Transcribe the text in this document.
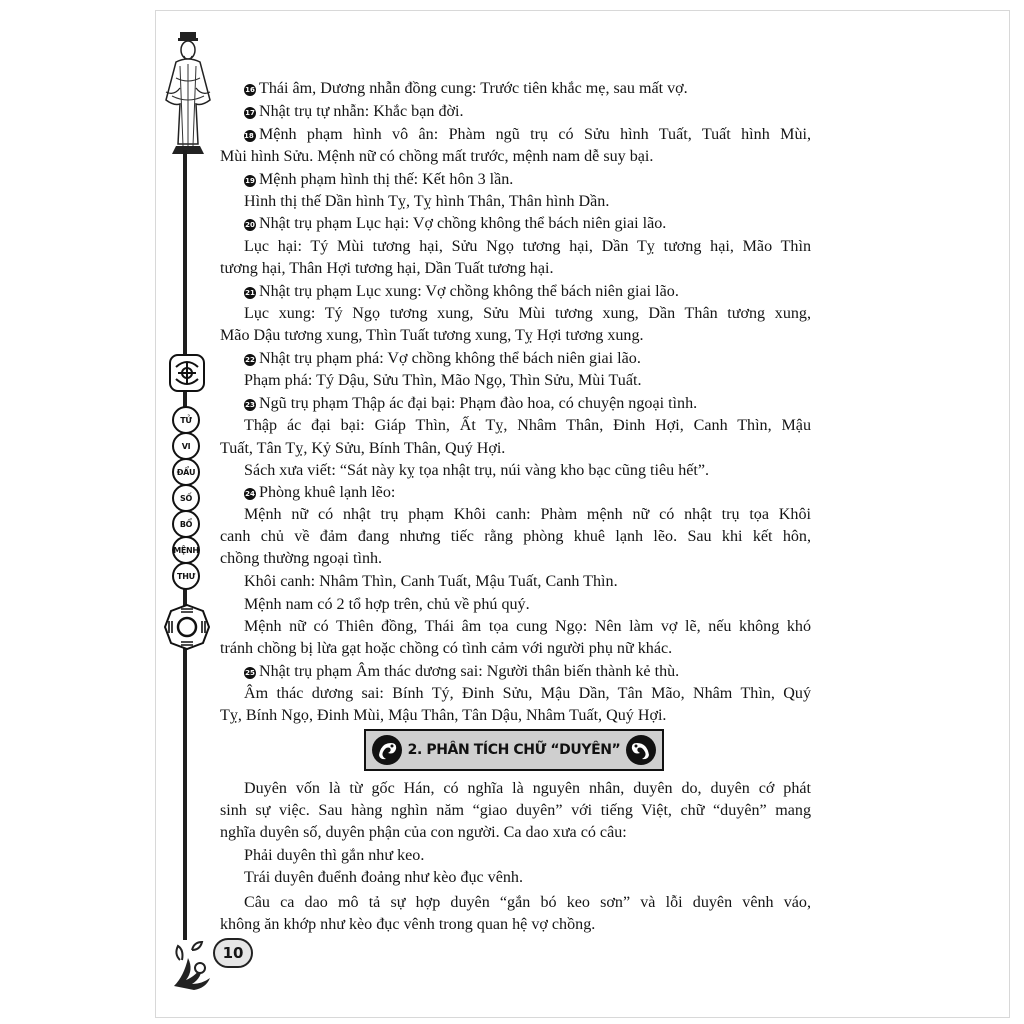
TỬ
VI
ĐẨU
SỐ
BỔ
MỆNH
THƯ
10
16 Thái âm, Dương nhẫn đồng cung: Trước tiên khắc mẹ, sau mất vợ.
17 Nhật trụ tự nhẫn: Khắc bạn đời.
18 Mệnh phạm hình vô ân: Phàm ngũ trụ có Sửu hình Tuất, Tuất hình Mùi,
Mùi hình Sửu. Mệnh nữ có chồng mất trước, mệnh nam dễ suy bại.
19 Mệnh phạm hình thị thế: Kết hôn 3 lần.
Hình thị thế Dần hình Tỵ, Tỵ hình Thân, Thân hình Dần.
20 Nhật trụ phạm Lục hại: Vợ chồng không thể bách niên giai lão.
Lục hại: Tý Mùi tương hại, Sửu Ngọ tương hại, Dần Tỵ tương hại, Mão Thìn
tương hại, Thân Hợi tương hại, Dần Tuất tương hại.
21 Nhật trụ phạm Lục xung: Vợ chồng không thể bách niên giai lão.
Lục xung: Tý Ngọ tương xung, Sửu Mùi tương xung, Dần Thân tương xung,
Mão Dậu tương xung, Thìn Tuất tương xung, Tỵ Hợi tương xung.
22 Nhật trụ phạm phá: Vợ chồng không thể bách niên giai lão.
Phạm phá: Tý Dậu, Sửu Thìn, Mão Ngọ, Thìn Sửu, Mùi Tuất.
23 Ngũ trụ phạm Thập ác đại bại: Phạm đào hoa, có chuyện ngoại tình.
Thập ác đại bại: Giáp Thìn, Ất Tỵ, Nhâm Thân, Đinh Hợi, Canh Thìn, Mậu
Tuất, Tân Tỵ, Kỷ Sửu, Bính Thân, Quý Hợi.
Sách xưa viết: “Sát này kỵ tọa nhật trụ, núi vàng kho bạc cũng tiêu hết”.
24 Phòng khuê lạnh lẽo:
Mệnh nữ có nhật trụ phạm Khôi canh: Phàm mệnh nữ có nhật trụ tọa Khôi
canh chủ về đảm đang nhưng tiếc rằng phòng khuê lạnh lẽo. Sau khi kết hôn,
chồng thường ngoại tình.
Khôi canh: Nhâm Thìn, Canh Tuất, Mậu Tuất, Canh Thìn.
Mệnh nam có 2 tổ hợp trên, chủ về phú quý.
Mệnh nữ có Thiên đồng, Thái âm tọa cung Ngọ: Nên làm vợ lẽ, nếu không khó
tránh chồng bị lừa gạt hoặc chồng có tình cảm với người phụ nữ khác.
25 Nhật trụ phạm Âm thác dương sai: Người thân biến thành kẻ thù.
Âm thác dương sai: Bính Tý, Đinh Sửu, Mậu Dần, Tân Mão, Nhâm Thìn, Quý
Tỵ, Bính Ngọ, Đinh Mùi, Mậu Thân, Tân Dậu, Nhâm Tuất, Quý Hợi.
2. PHÂN TÍCH CHỮ “DUYÊN”
Duyên vốn là từ gốc Hán, có nghĩa là nguyên nhân, duyên do, duyên cớ phát
sinh sự việc. Sau hàng nghìn năm “giao duyên” với tiếng Việt, chữ “duyên” mang
nghĩa duyên số, duyên phận của con người. Ca dao xưa có câu:
Phải duyên thì gắn như keo.
Trái duyên đuểnh đoảng như kèo đục vênh.
Câu ca dao mô tả sự hợp duyên “gắn bó keo sơn” và lỗi duyên vênh váo,
không ăn khớp như kèo đục vênh trong quan hệ vợ chồng.
